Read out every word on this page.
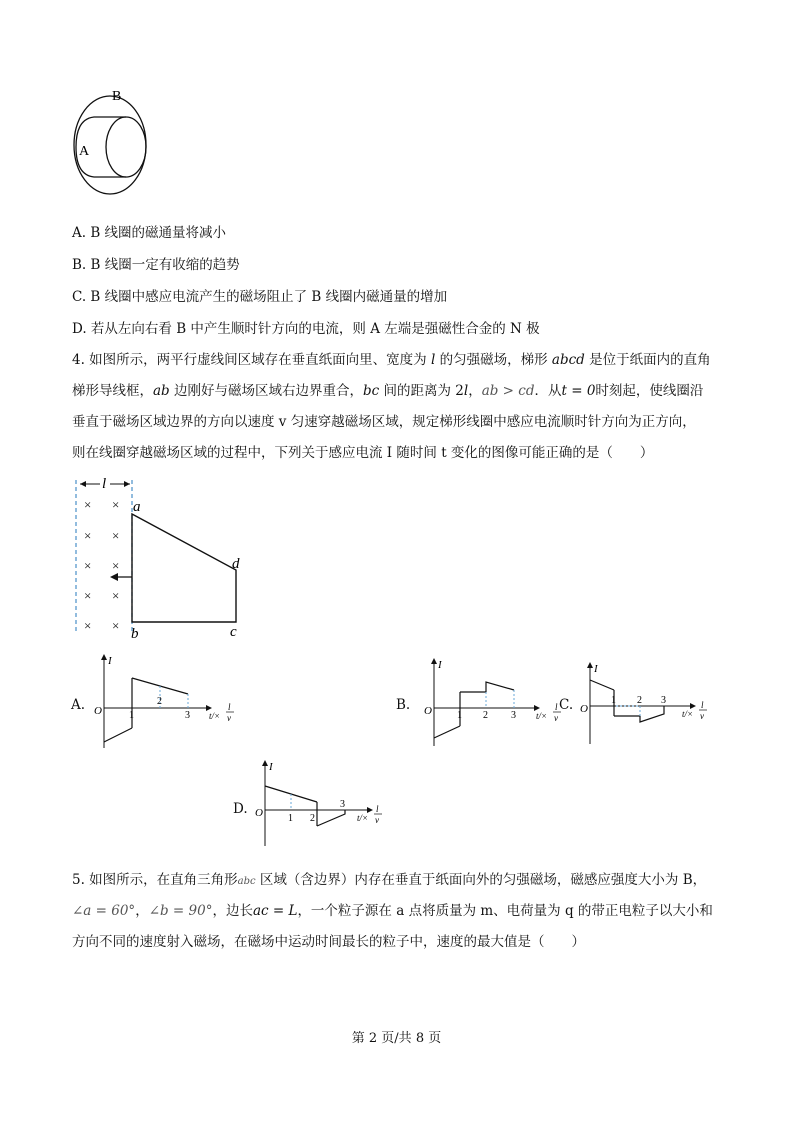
B
A
A. B 线圈的磁通量将减小
B. B 线圈一定有收缩的趋势
C. B 线圈中感应电流产生的磁场阻止了 B 线圈内磁通量的增加
D. 若从左向右看 B 中产生顺时针方向的电流，则 A 左端是强磁性合金的 N 极
4. 如图所示，两平行虚线间区域存在垂直纸面向里、宽度为 l 的匀强磁场，梯形 abcd 是位于纸面内的直角
梯形导线框，ab 边刚好与磁场区域右边界重合，bc 间的距离为 2l，ab > cd．从t = 0时刻起，使线圈沿
垂直于磁场区域边界的方向以速度 v 匀速穿越磁场区域，规定梯形线圈中感应电流顺时针方向为正方向，
则在线圈穿越磁场区域的过程中，下列关于感应电流 I 随时间 t 变化的图像可能正确的是（　　）
l
× ×
× ×
× ×
× ×
× ×
a
d
b	c
A.
I
O	1
2
3 t/×
l
v
B.
I
O	1 2 3 t/×
l
v
C.
I
O
1 2 3
t/×
l
v
D.
I
O	1 2
3
t/×
l
v
5. 如图所示，在直角三角形abc 区域（含边界）内存在垂直于纸面向外的匀强磁场，磁感应强度大小为 B，
∠a = 60°，∠b = 90°，边长ac = L，一个粒子源在 a 点将质量为 m、电荷量为 q 的带正电粒子以大小和
方向不同的速度射入磁场，在磁场中运动时间最长的粒子中，速度的最大值是（　　）
第 2 页/共 8 页
